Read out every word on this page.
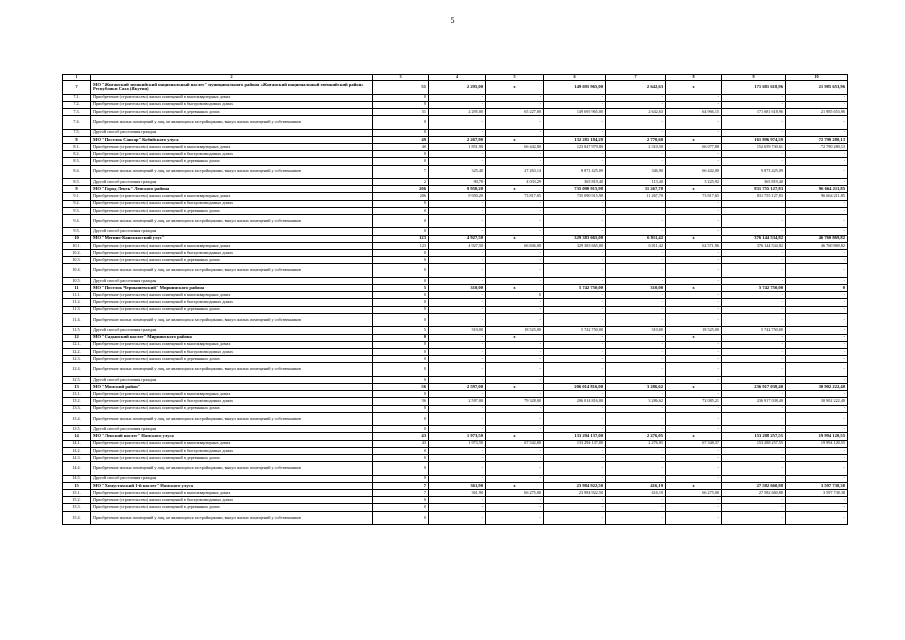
5
1	2	3	4	5	6	7	8	9	10
7	МО "Жиганский эвенкийский национальный наслег" муниципального района «Жиганский национальный эвенкийский район» Республики Саха (Якутия)	51	2 295,00	x	149 695 965,00	2 642,63	x	171 681 618,96	21 985 653,96
7.1.	Приобретение (строительство) жилых помещений в многоквартирных домах	0	-	-	-	-	-	-	-
7.2.	Приобретение (строительство) жилых помещений в быстровозводимых домах	0	-	-	-	-	-	-	-
7.3.	Приобретение (строительство) жилых помещений в деревянных домах	51	2 295,00	65 227,00	149 695 965,00	2 642,63	64 966,15	171 681 618,96	21 985 653,96
7.4.	Приобретение жилых помещений у лиц, не являющихся застройщиками, выкуп жилых помещений у собственников	0	-	-	-	-	-	-	-
7.5.	Другой способ расселения граждан	0	-	-	-	-	-	-	-
8	МО "Поселок Сангар" Кобяйского улуса	49	2 267,90	x	132 281 184,29	2 770,60	x	161 896 974,59	72 790 280,13
8.1.	Приобретение (строительство) жилых помещений в многоквартирных домах	40	1 851,90	66 442,00	123 047 979,80	2 310,50	66 077,88	152 659 730,61	72 790 280,13
8.2.	Приобретение (строительство) жилых помещений в быстровозводимых домах	0	-	-	-	-	-	-	-
8.3.	Приобретение (строительство) жилых помещений в деревянных домах	0	-	-	-	-	-	-	-
8.4.	Приобретение жилых помещений у лиц, не являющихся застройщиками, выкуп жилых помещений у собственников	7	325,40	27 263,14	8 871 425,09	346,90	66 442,00	9 873 425,09	-
8.5.	Другой способ расселения граждан	2	90,70	4 033,29	365 819,40	113,40	3 225,92	365 819,40	-
9	МО "Город Ленск" Ленского района	206	9 950,20	x	735 090 915,98	11 267,70	x	831 755 127,83	96 664 211,85
9.1.	Приобретение (строительство) жилых помещений в многоквартирных домах	206	9 950,20	73 817,65	735 090 915,98	11 267,70	73 817,65	831 755 127,83	96 664 211,85
9.2.	Приобретение (строительство) жилых помещений в быстровозводимых домах	0	-	-	-	-	-	-	-
9.3.	Приобретение (строительство) жилых помещений в деревянных домах	0	-	-	-	-	-	-	-
9.4.	Приобретение жилых помещений у лиц, не являющихся застройщиками, выкуп жилых помещений у собственников	0	-	-	-	-	-	-	-
9.5.	Другой способ расселения граждан	0	-	-	-	-	-	-	-
10	МО "Мегино-Кангаласский улус"	123	4 927,50	x	329 383 665,00	6 011,42	x	376 144 534,82	46 760 869,82
10.1.	Приобретение (строительство) жилых помещений в многоквартирных домах	123	4 927,50	66 846,00	329 383 665,00	6 011,42	62 571,96	376 144 534,82	46 760 869,82
10.2.	Приобретение (строительство) жилых помещений в быстровозводимых домах	0	-	-	-	-	-	-	-
10.3.	Приобретение (строительство) жилых помещений в деревянных домах	0	-	-	-	-	-	-	-
10.4.	Приобретение жилых помещений у лиц, не являющихся застройщиками, выкуп жилых помещений у собственников	0	-	-	-	-	-	-	-
10.5.	Другой способ расселения граждан	0	-	-	-	-	-	-	-
11	МО "Поселок Чернышевский" Мирнинского района	5	310,00	x	5 742 750,00	310,00	x	5 742 750,00	0
11.1.	Приобретение (строительство) жилых помещений в многоквартирных домах	0	-	0	-	-	-	-	-
11.2.	Приобретение (строительство) жилых помещений в быстровозводимых домах	0	-	-	-	-	-	-	-
11.3.	Приобретение (строительство) жилых помещений в деревянных домах	0	-	-	-	-	-	-	-
11.4.	Приобретение жилых помещений у лиц, не являющихся застройщиками, выкуп жилых помещений у собственников	0	-	-	-	-	-	-	-
11.5.	Другой способ расселения граждан	5	310,00	18 525,00	5 742 750,00	310,00	18 525,00	5 742 750,00	-
12	МО "Садынский наслег" Мирнинского района	0	-	x	-	-	x	-	-
12.1.	Приобретение (строительство) жилых помещений в многоквартирных домах	0	-	-	-	-	-	-	-
12.2.	Приобретение (строительство) жилых помещений в быстровозводимых домах	0	-	-	-	-	-	-	-
12.3.	Приобретение (строительство) жилых помещений в деревянных домах	0	-	-	-	-	-	-	-
12.4.	Приобретение жилых помещений у лиц, не являющихся застройщиками, выкуп жилых помещений у собственников	0	-	-	-	-	-	-	-
12.5.	Другой способ расселения граждан	0	-	-	-	-	-	-	-
13	МО "Момский район"	56	2 597,00	x	206 014 816,00	3 286,62	x	236 917 038,40	30 902 222,40
13.1.	Приобретение (строительство) жилых помещений в многоквартирных домах	0	-	-	-	-	-	-	-
13.2.	Приобретение (строительство) жилых помещений в быстровозводимых домах	56	2 597,00	79 328,00	206 014 816,00	3 286,62	72 085,21	236 917 038,40	30 902 222,40
13.3.	Приобретение (строительство) жилых помещений в деревянных домах	0	-	-	-	-	-	-	-
13.4.	Приобретение жилых помещений у лиц, не являющихся застройщиками, выкуп жилых помещений у собственников	0	-	-	-	-	-	-	-
13.5.	Другой способ расселения граждан	0	-	-	-	-	-	-	-
14	МО "Ленский наслег" Намского улуса	43	1 973,50	x	133 294 137,00	2 276,05	x	153 288 257,55	19 994 120,55
14.1.	Приобретение (строительство) жилых помещений в многоквартирных домах	43	1 973,50	67 542,00	133 294 137,00	2 276,05	67 348,37	153 288 257,55	19 994 120,55
14.2.	Приобретение (строительство) жилых помещений в быстровозводимых домах	0	-	-	-	-	-	-	-
14.3.	Приобретение (строительство) жилых помещений в деревянных домах	0	-	-	-	-	-	-	-
14.4.	Приобретение жилых помещений у лиц, не являющихся застройщиками, выкуп жилых помещений у собственников	0	-	-	-	-	-	-	-
14.5.	Другой способ расселения граждан	0	-	-	-	-	-	-	-
15	МО "Хомустахский 1-й наслег" Намского улуса	7	361,90	x	23 984 922,50	416,19	x	27 582 660,88	3 597 738,38
15.1.	Приобретение (строительство) жилых помещений в многоквартирных домах	7	361,90	66 275,00	23 984 922,50	416,19	66 275,00	27 582 660,88	3 597 738,38
15.2.	Приобретение (строительство) жилых помещений в быстровозводимых домах	0	-	-	-	-	-	-	-
15.3.	Приобретение (строительство) жилых помещений в деревянных домах	0	-	-	-	-	-	-	-
15.4.	Приобретение жилых помещений у лиц, не являющихся застройщиками, выкуп жилых помещений у собственников	0	-	-	-	-	-	-	-
